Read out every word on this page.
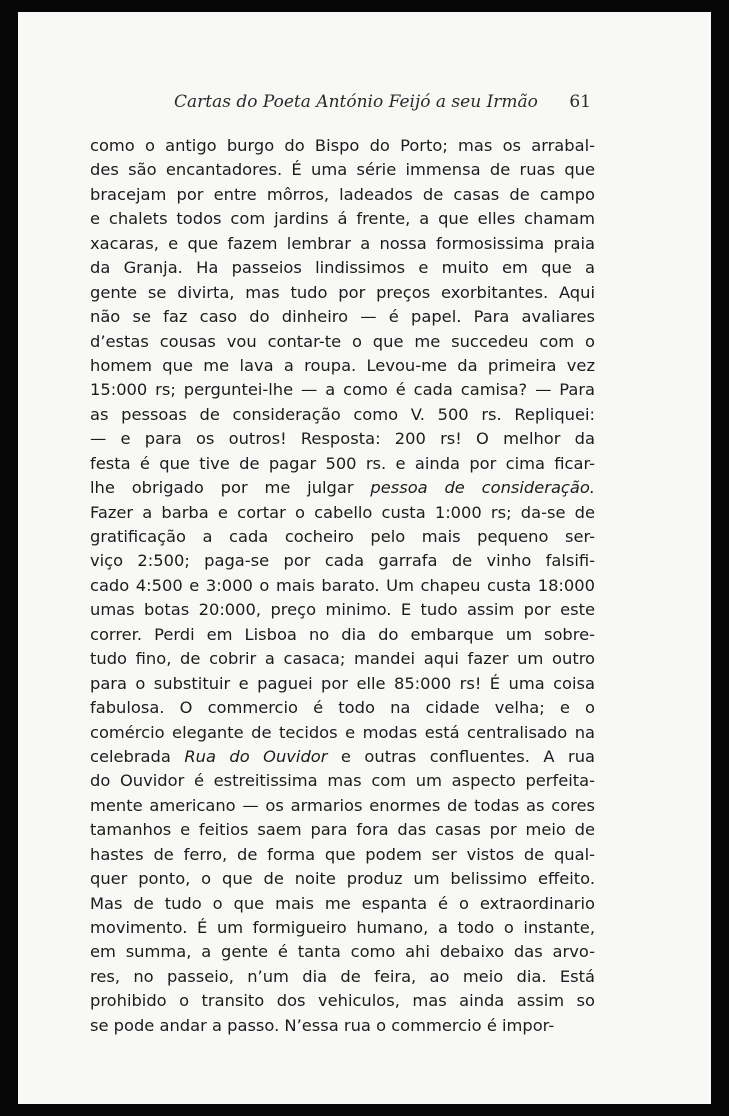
Cartas do Poeta António Feijó a seu Irmão 61
como o antigo burgo do Bispo do Porto; mas os arrabal-
des são encantadores. É uma série immensa de ruas que
bracejam por entre môrros, ladeados de casas de campo
e chalets todos com jardins á frente, a que elles chamam
xacaras, e que fazem lembrar a nossa formosissima praia
da Granja. Ha passeios lindissimos e muito em que a
gente se divirta, mas tudo por preços exorbitantes. Aqui
não se faz caso do dinheiro — é papel. Para avaliares
d’estas cousas vou contar-te o que me succedeu com o
homem que me lava a roupa. Levou-me da primeira vez
15:000 rs; perguntei-lhe — a como é cada camisa? — Para
as pessoas de consideração como V. 500 rs. Repliquei:
— e para os outros! Resposta: 200 rs! O melhor da
festa é que tive de pagar 500 rs. e ainda por cima ficar-
lhe obrigado por me julgar pessoa de consideração.
Fazer a barba e cortar o cabello custa 1:000 rs; da-se de
gratificação a cada cocheiro pelo mais pequeno ser-
viço 2:500; paga-se por cada garrafa de vinho falsifi-
cado 4:500 e 3:000 o mais barato. Um chapeu custa 18:000
umas botas 20:000, preço minimo. E tudo assim por este
correr. Perdi em Lisboa no dia do embarque um sobre-
tudo fino, de cobrir a casaca; mandei aqui fazer um outro
para o substituir e paguei por elle 85:000 rs! É uma coisa
fabulosa. O commercio é todo na cidade velha; e o
comércio elegante de tecidos e modas está centralisado na
celebrada Rua do Ouvidor e outras confluentes. A rua
do Ouvidor é estreitissima mas com um aspecto perfeita-
mente americano — os armarios enormes de todas as cores
tamanhos e feitios saem para fora das casas por meio de
hastes de ferro, de forma que podem ser vistos de qual-
quer ponto, o que de noite produz um belissimo effeito.
Mas de tudo o que mais me espanta é o extraordinario
movimento. É um formigueiro humano, a todo o instante,
em summa, a gente é tanta como ahi debaixo das arvo-
res, no passeio, n’um dia de feira, ao meio dia. Está
prohibido o transito dos vehiculos, mas ainda assim so
se pode andar a passo. N’essa rua o commercio é impor-
